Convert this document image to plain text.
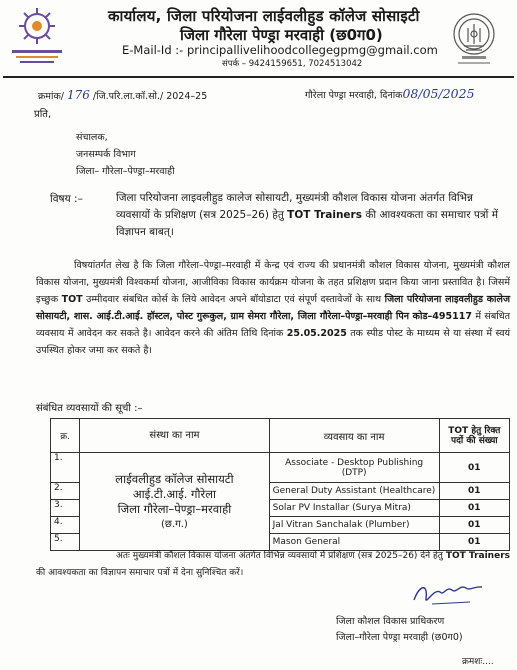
कार्यालय, जिला परियोजना लाईवलीहुड कॉलेज सोसाइटी
जिला गौरेला पेण्ड्रा मरवाही (छ0ग0)
E-Mail-Id :- principallivelihoodcollegegpmg@gmail.com
संपर्क – 9424159651, 7024513042
क्रमांक/ 176 /जि.परि.ला.कॉ.सो./ 2024–25	गौरेला पेण्ड्रा मरवाही, दिनांक08/05/2025
प्रति,
संचालक,
जनसम्पर्क विभाग
जिला– गौरेला–पेण्ड्रा–मरवाही
विषय :–	जिला परियोजना लाइवलीहुड कालेज सोसायटी, मुख्यमंत्री कौशल विकास योजना अंतर्गत विभिन्न व्यवसायों के प्रशिक्षण (सत्र 2025–26) हेतु TOT Trainers की आवश्यकता का समाचार पत्रों में विज्ञापन बाबत्।
विषयांतर्गत लेख है कि जिला गौरेला–पेण्ड्रा–मरवाही में केन्द्र एवं राज्य की प्रधानमंत्री कौशल विकास योजना, मुख्यमंत्री कौशल विकास योजना, मुख्यमंत्री विश्वकर्मा योजना, आजीविका विकास कार्यक्रम योजना के तहत प्रशिक्षण प्रदान किया जाना प्रस्तावित है। जिसमें इच्छुक TOT उम्मीदवार संबधित कोर्स के लिये आवेदन अपने बॉयोडाटा एवं संपूर्ण दस्तावेजों के साथ जिला परियोजना लाइवलीहुड कालेज सोसायटी, शास. आई.टी.आई. हॉस्टल, पोस्ट गुरूकुल, ग्राम सेमरा गौरेला, जिला गौरेला–पेण्ड्रा–मरवाही पिन कोड–495117 में संबधित व्यवसाय में आवेदन कर सकते है। आवेदन करने की अंतिम तिथि दिनांक 25.05.2025 तक स्पीड पोस्ट के माध्यम से या संस्था में स्वयं उपस्थित होकर जमा कर सकते है।
संबंधित व्यवसायों की सूची :–
क्र.	संस्था का नाम	व्यवसाय का नाम	TOT हेतु रिक्त पदों की संख्या
1.	लाईवलीहुड कॉलेज सोसायटी
आई.टी.आई. गौरेला
जिला गौरेला–पेण्ड्रा–मरवाही
(छ.ग.)	Associate - Desktop Publishing (DTP)	01
2.		General Duty Assistant (Healthcare)	01
3.		Solar PV Installar (Surya Mitra)	01
4.		Jal Vitran Sanchalak (Plumber)	01
5.		Mason General	01
अतः मुख्यमंत्री कौशल विकास योजना अंतर्गत विभिन्न व्यवसायों में प्रशिक्षण (सत्र 2025–26) देने हेतु TOT Trainers की आवश्यकता का विज्ञापन समाचार पत्रों में देना सुनिश्चित करें।
जिला कौशल विकास प्राधिकरण
जिला–गौरेला पेण्ड्रा मरवाही (छ0ग0)
क्रमशः....
